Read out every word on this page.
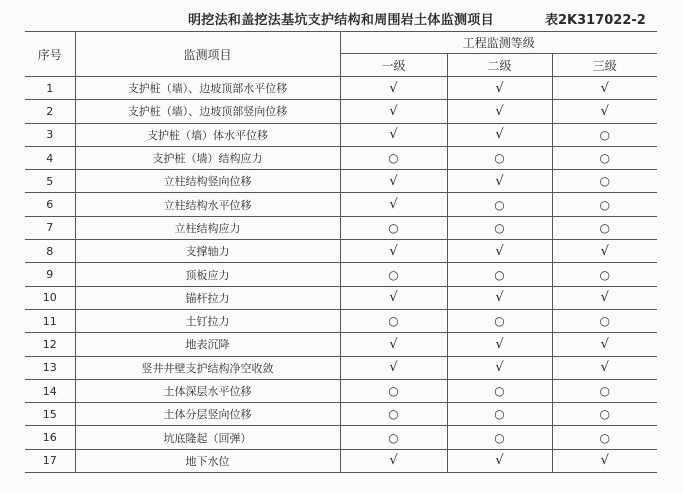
明挖法和盖挖法基坑支护结构和周围岩土体监测项目	表2K317022-2
序号	监测项目	工程监测等级		
		一级	二级	三级
1	支护桩（墙）、边坡顶部水平位移	√	√	√
2	支护桩（墙）、边坡顶部竖向位移	√	√	√
3	支护桩（墙）体水平位移	√	√	○
4	支护桩（墙）结构应力	○	○	○
5	立柱结构竖向位移	√	√	○
6	立柱结构水平位移	√	○	○
7	立柱结构应力	○	○	○
8	支撑轴力	√	√	√
9	顶板应力	○	○	○
10	锚杆拉力	√	√	√
11	土钉拉力	○	○	○
12	地表沉降	√	√	√
13	竖井井壁支护结构净空收敛	√	√	√
14	土体深层水平位移	○	○	○
15	土体分层竖向位移	○	○	○
16	坑底隆起（回弹）	○	○	○
17	地下水位	√	√	√
